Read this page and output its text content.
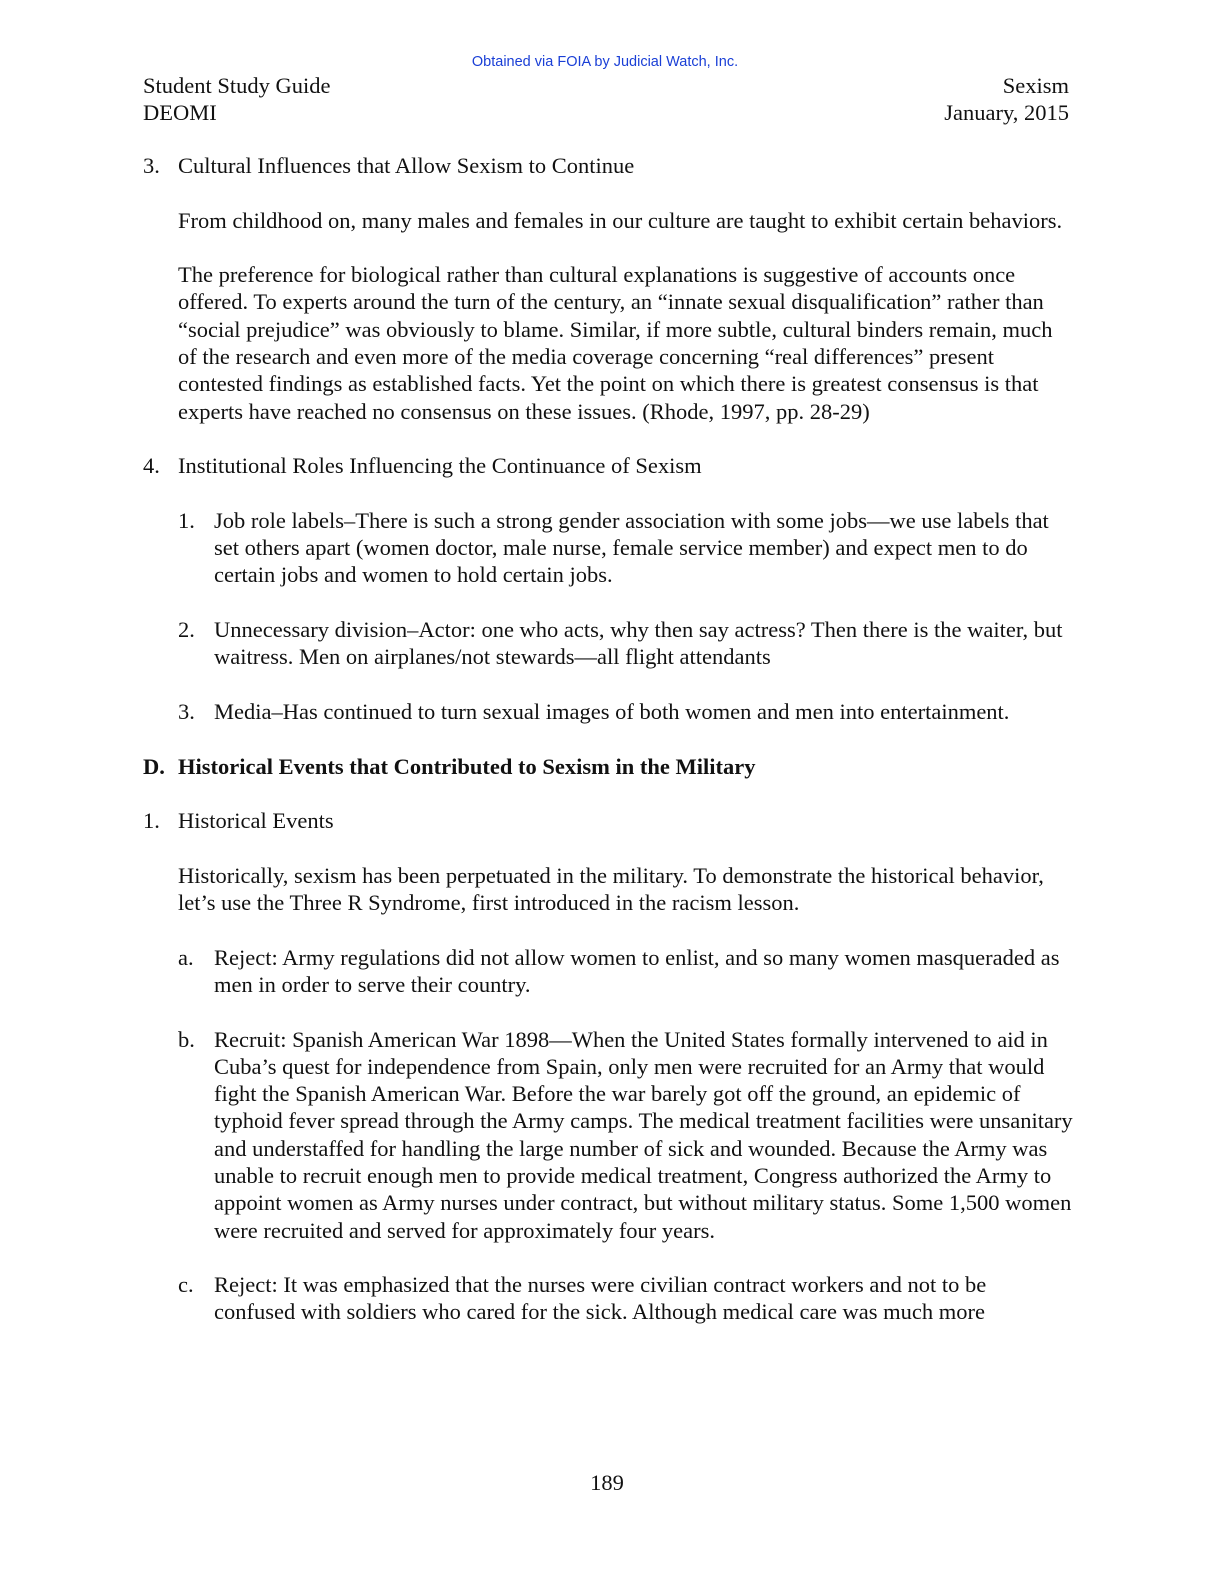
Obtained via FOIA by Judicial Watch, Inc.
Student Study Guide
DEOMI
Sexism
January, 2015
3. Cultural Influences that Allow Sexism to Continue
From childhood on, many males and females in our culture are taught to exhibit certain behaviors.
The preference for biological rather than cultural explanations is suggestive of accounts once offered. To experts around the turn of the century, an “innate sexual disqualification” rather than “social prejudice” was obviously to blame. Similar, if more subtle, cultural binders remain, much of the research and even more of the media coverage concerning “real differences” present contested findings as established facts. Yet the point on which there is greatest consensus is that experts have reached no consensus on these issues. (Rhode, 1997, pp. 28-29)
4. Institutional Roles Influencing the Continuance of Sexism
1. Job role labels–There is such a strong gender association with some jobs—we use labels that set others apart (women doctor, male nurse, female service member) and expect men to do certain jobs and women to hold certain jobs.
2. Unnecessary division–Actor: one who acts, why then say actress? Then there is the waiter, but waitress. Men on airplanes/not stewards—all flight attendants
3. Media–Has continued to turn sexual images of both women and men into entertainment.
D. Historical Events that Contributed to Sexism in the Military
1. Historical Events
Historically, sexism has been perpetuated in the military. To demonstrate the historical behavior, let’s use the Three R Syndrome, first introduced in the racism lesson.
a. Reject: Army regulations did not allow women to enlist, and so many women masqueraded as men in order to serve their country.
b. Recruit: Spanish American War 1898—When the United States formally intervened to aid in Cuba’s quest for independence from Spain, only men were recruited for an Army that would fight the Spanish American War. Before the war barely got off the ground, an epidemic of typhoid fever spread through the Army camps. The medical treatment facilities were unsanitary and understaffed for handling the large number of sick and wounded. Because the Army was unable to recruit enough men to provide medical treatment, Congress authorized the Army to appoint women as Army nurses under contract, but without military status. Some 1,500 women were recruited and served for approximately four years.
c. Reject: It was emphasized that the nurses were civilian contract workers and not to be confused with soldiers who cared for the sick. Although medical care was much more
189
